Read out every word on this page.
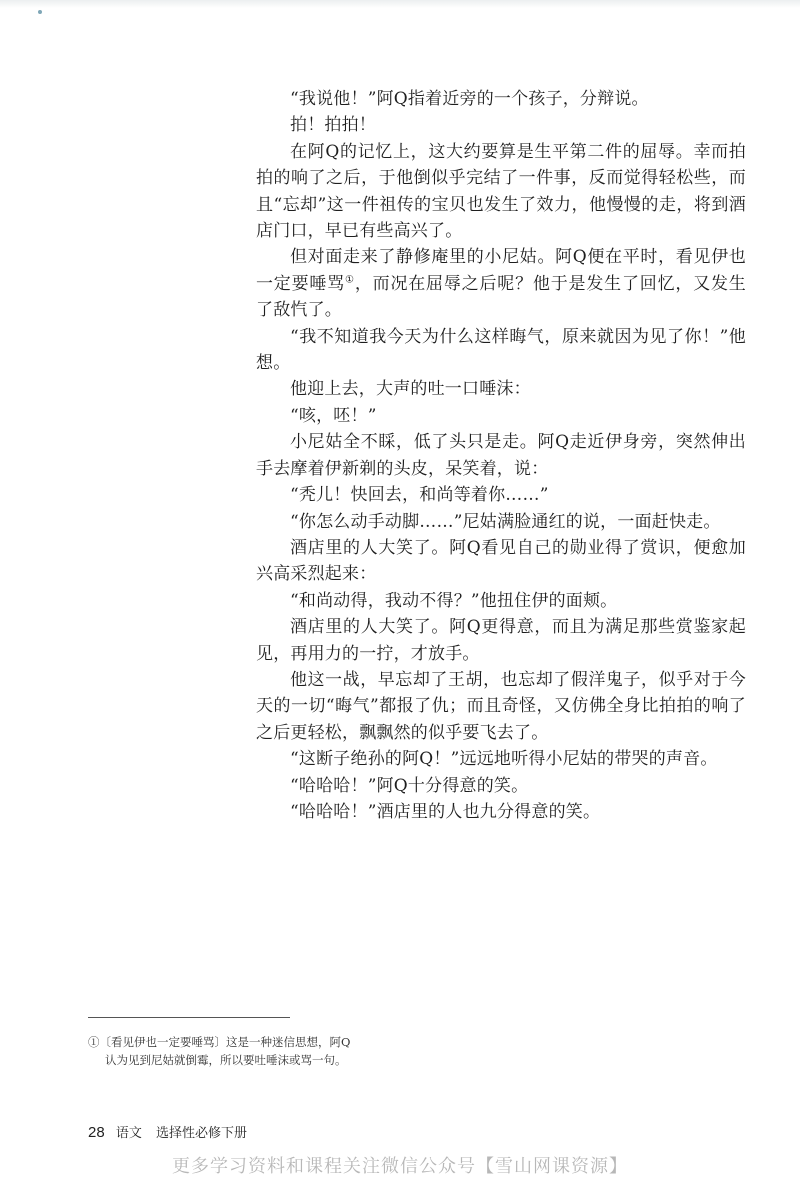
“我说他！”阿Q指着近旁的一个孩子，分辩说。

拍！拍拍！

在阿Q的记忆上，这大约要算是生平第二件的屈辱。幸而拍拍的响了之后，于他倒似乎完结了一件事，反而觉得轻松些，而且“忘却”这一件祖传的宝贝也发生了效力，他慢慢的走，将到酒店门口，早已有些高兴了。

但对面走来了静修庵里的小尼姑。阿Q便在平时，看见伊也一定要唾骂①，而况在屈辱之后呢？他于是发生了回忆，又发生了敌忾了。

“我不知道我今天为什么这样晦气，原来就因为见了你！”他想。

他迎上去，大声的吐一口唾沫：

“咳，呸！”

小尼姑全不睬，低了头只是走。阿Q走近伊身旁，突然伸出手去摩着伊新剃的头皮，呆笑着，说：

“秃儿！快回去，和尚等着你……”

“你怎么动手动脚……”尼姑满脸通红的说，一面赶快走。

酒店里的人大笑了。阿Q看见自己的勋业得了赏识，便愈加兴高采烈起来：

“和尚动得，我动不得？”他扭住伊的面颊。

酒店里的人大笑了。阿Q更得意，而且为满足那些赏鉴家起见，再用力的一拧，才放手。

他这一战，早忘却了王胡，也忘却了假洋鬼子，似乎对于今天的一切“晦气”都报了仇；而且奇怪，又仿佛全身比拍拍的响了之后更轻松，飘飘然的似乎要飞去了。

“这断子绝孙的阿Q！”远远地听得小尼姑的带哭的声音。

“哈哈哈！”阿Q十分得意的笑。

“哈哈哈！”酒店里的人也九分得意的笑。

①〔看见伊也一定要唾骂〕这是一种迷信思想，阿Q
认为见到尼姑就倒霉，所以要吐唾沫或骂一句。
28 语文 选择性必修下册
更多学习资料和课程关注微信公众号【雪山网课资源】
